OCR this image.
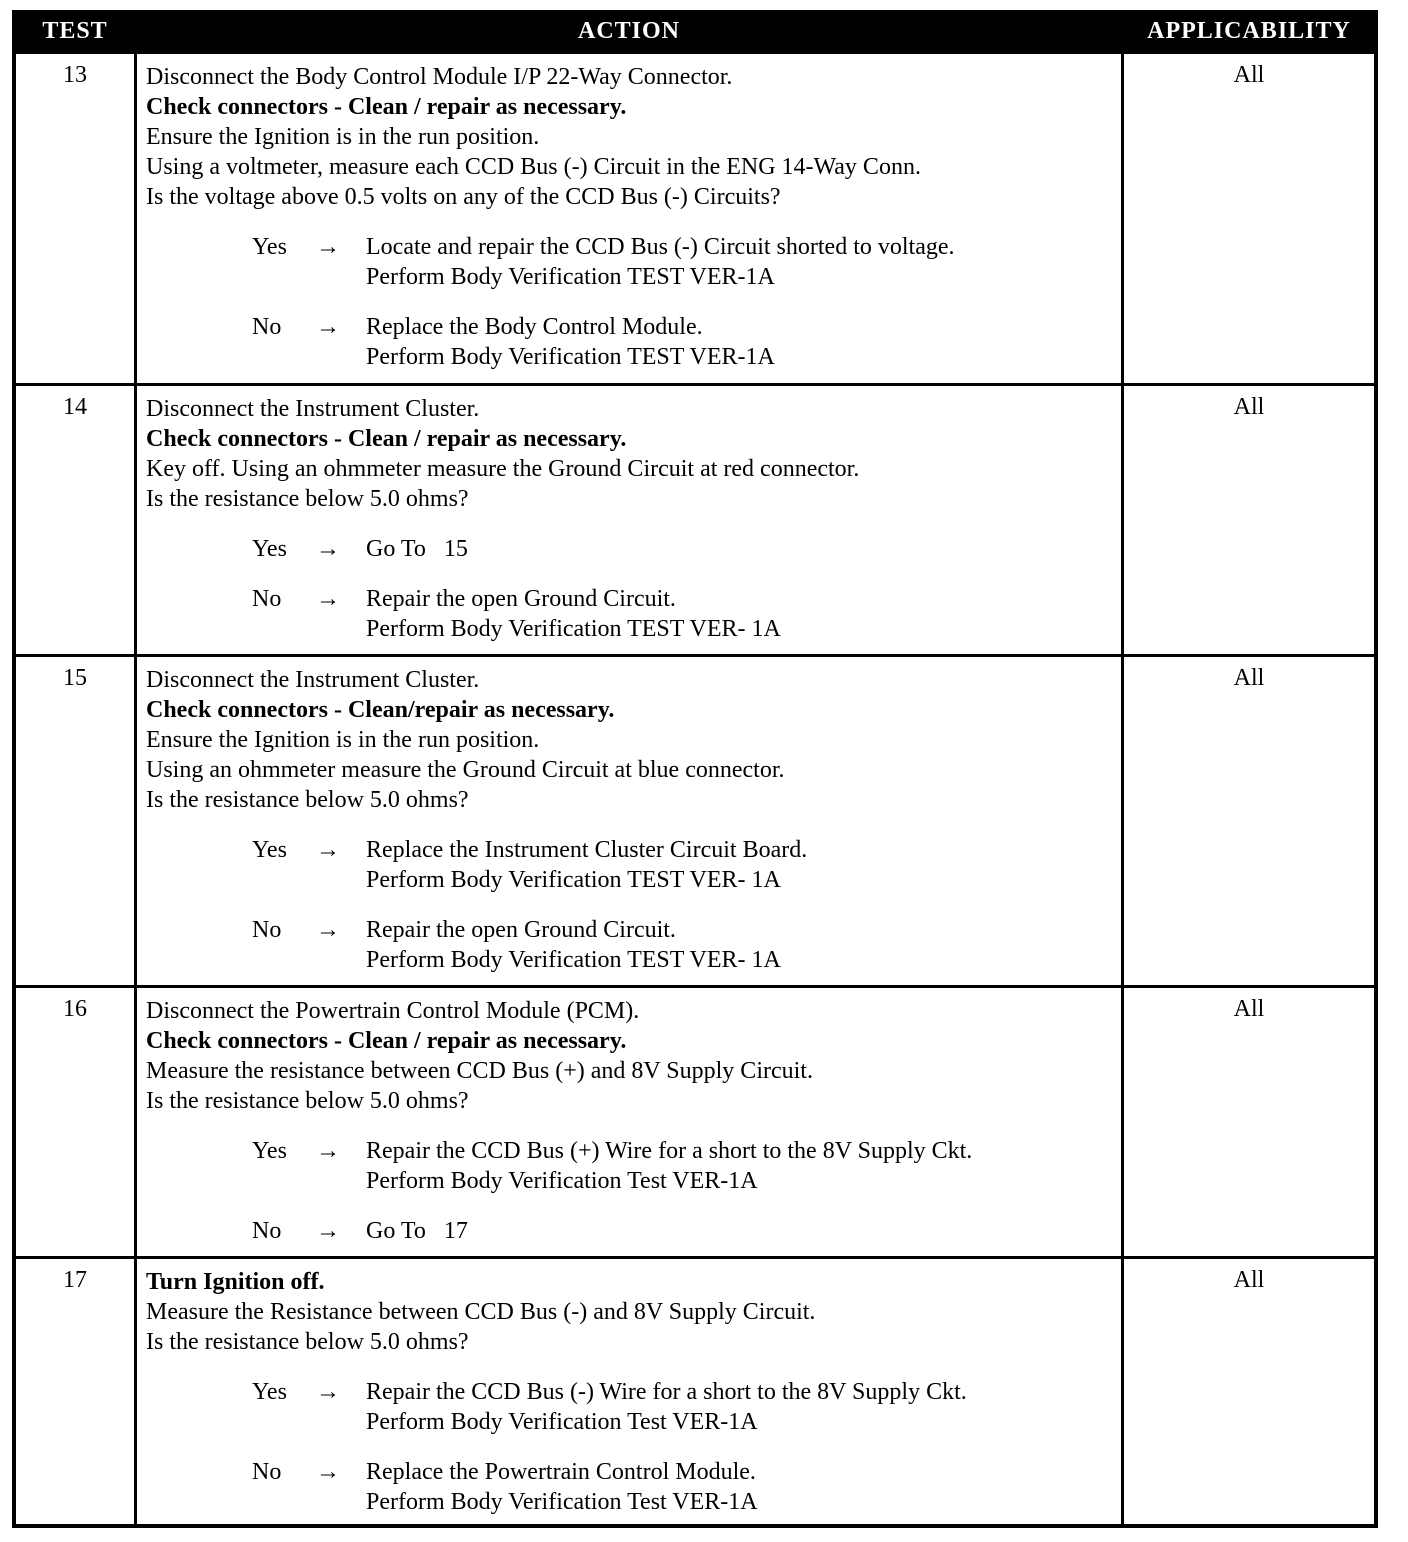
TEST	ACTION	APPLICABILITY
13	Disconnect the Body Control Module I/P 22-Way Connector.
Check connectors - Clean / repair as necessary.
Ensure the Ignition is in the run position.
Using a voltmeter, measure each CCD Bus (-) Circuit in the ENG 14-Way Conn.
Is the voltage above 0.5 volts on any of the CCD Bus (-) Circuits?
Yes → Locate and repair the CCD Bus (-) Circuit shorted to voltage.
Perform Body Verification TEST VER-1A
No → Replace the Body Control Module.
Perform Body Verification TEST VER-1A
All
14	Disconnect the Instrument Cluster.
Check connectors - Clean / repair as necessary.
Key off. Using an ohmmeter measure the Ground Circuit at red connector.
Is the resistance below 5.0 ohms?
Yes → Go To   15
No → Repair the open Ground Circuit.
Perform Body Verification TEST VER- 1A
All
15	Disconnect the Instrument Cluster.
Check connectors - Clean/repair as necessary.
Ensure the Ignition is in the run position.
Using an ohmmeter measure the Ground Circuit at blue connector.
Is the resistance below 5.0 ohms?
Yes → Replace the Instrument Cluster Circuit Board.
Perform Body Verification TEST VER- 1A
No → Repair the open Ground Circuit.
Perform Body Verification TEST VER- 1A
All
16	Disconnect the Powertrain Control Module (PCM).
Check connectors - Clean / repair as necessary.
Measure the resistance between CCD Bus (+) and 8V Supply Circuit.
Is the resistance below 5.0 ohms?
Yes → Repair the CCD Bus (+) Wire for a short to the 8V Supply Ckt.
Perform Body Verification Test VER-1A
No → Go To   17
All
17	Turn Ignition off.
Measure the Resistance between CCD Bus (-) and 8V Supply Circuit.
Is the resistance below 5.0 ohms?
Yes → Repair the CCD Bus (-) Wire for a short to the 8V Supply Ckt.
Perform Body Verification Test VER-1A
No → Replace the Powertrain Control Module.
Perform Body Verification Test VER-1A
All
